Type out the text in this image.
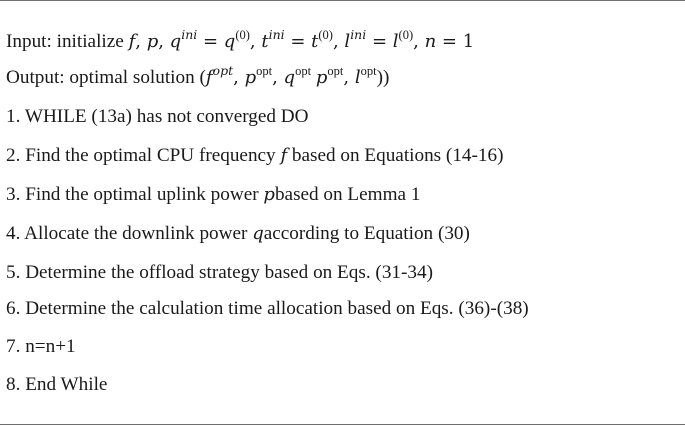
Input: initialize f, p, $q^{ini} = q^{(0)}$, $t^{ini} = t^{(0)}$, $l^{ini} = l^{(0)}$, n = 1
Output: optimal solution ($f^{opt}$, $p^{opt}$, $q^{opt}$ $p^{opt}$, $l^{opt}$))
1. WHILE (13a) has not converged DO
2. Find the optimal CPU frequency f based on Equations (14-16)
3. Find the optimal uplink power pbased on Lemma 1
4. Allocate the downlink power qaccording to Equation (30)
5. Determine the offload strategy based on Eqs. (31-34)
6. Determine the calculation time allocation based on Eqs. (36)-(38)
7. n=n+1
8. End While
